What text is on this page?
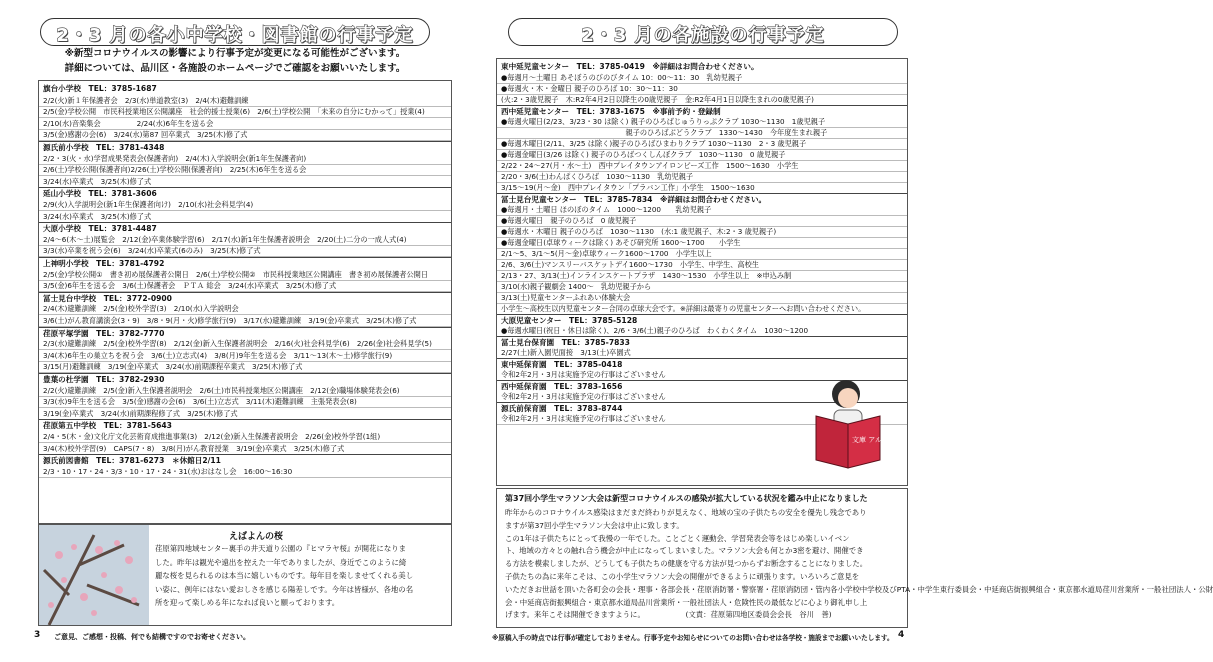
2・3 月の各小中学校・図書館の行事予定
※新型コロナウイルスの影響により行事予定が変更になる可能性がございます。
詳細については、品川区・各施設のホームページでご確認をお願いいたします。
旗台小学校　TEL：3785-1687
2/2(火)新１年保護者会　2/3(水)単道教室(3)　2/4(木)避難訓練
2/5(金)学校公開　市民科授業地区公開講座　社会的援士授業(6)　2/6(土)学校公開　「未来の自分にむかって」授業(4)
2/10(水)音楽集会　　　　　2/24(水)6年生を送る会
3/5(金)感謝の会(6)　3/24(水)第87 回卒業式　3/25(木)修了式
源氏前小学校　TEL：3781-4348
2/2・3(火・水)学習成果発表会(保護者向)　2/4(木)入学説明会(新1年生保護者向)
2/6(土)学校公開(保護者向)2/26(土)学校公開(保護者向)　2/25(木)6年生を送る会
3/24(水)卒業式　3/25(木)修了式
延山小学校　TEL：3781-3606
2/9(火)入学説明会(新1年生保護者向け)　2/10(水)社会科見学(4)
3/24(水)卒業式　3/25(木)修了式
大原小学校　TEL：3781-4487
2/4〜6(木〜土)展覧会　2/12(金)卒業体験学習(6)　2/17(水)新1年生保護者説明会　2/20(土)二分の一成人式(4)
3/3(水)卒業を祝う会(6)　3/24(水)卒業式(6のみ)　3/25(木)修了式
上神明小学校　TEL：3781-4792
2/5(金)学校公開①　書き初め展保護者公開日　2/6(土)学校公開②　市民科授業地区公開講座　書き初め展保護者公開日
3/5(金)6年生を送る会　3/6(土)保護者会　ＰＴＡ 総会　3/24(水)卒業式　3/25(木)修了式
冨士見台中学校　TEL：3772-0900
2/4(木)避難訓練　2/5(金)校外学習(3)　2/10(水)入学説明会
3/6(土)がん教育講演会(3・9)　3/8・9(月・火)修学旅行(9)　3/17(水)避難訓練　3/19(金)卒業式　3/25(木)修了式
荏原平塚学園　TEL：3782-7770
2/3(水)避難訓練　2/5(金)校外学習(8)　2/12(金)新入生保護者説明会　2/16(火)社会科見学(6)　2/26(金)社会科見学(5)
3/4(木)6年生の巣立ちを祝う会　3/6(土)立志式(4)　3/8(月)9年生を送る会　3/11〜13(木〜土)修学旅行(9)
3/15(月)避難訓練　3/19(金)卒業式　3/24(水)前期課程卒業式　3/25(木)修了式
豊葉の杜学園　TEL：3782-2930
2/2(火)避難訓練　2/5(金)新入生保護者説明会　2/6(土)市民科授業地区公開講座　2/12(金)職場体験発表会(6)
3/3(水)9年生を送る会　3/5(金)感謝の会(6)　3/6(土)立志式　3/11(木)避難訓練　主張発表会(8)
3/19(金)卒業式　3/24(水)前期課程修了式　3/25(木)修了式
荏原第五中学校　TEL：3781-5643
2/4・5(木・金)文化庁文化芸術育成推進事業(3)　2/12(金)新入生保護者説明会　2/26(金)校外学習(1組)
3/4(木)校外学習(9)　CAPS(7・8)　3/8(月)がん教育授業　3/19(金)卒業式　3/25(木)修了式
源氏前図書館　TEL：3781-6273　＊休館日2/11
2/3・10・17・24・3/3・10・17・24・31(水)おはなし会　16:00〜16:30
えばよんの桜
荏原第四地域センター裏手の井天道り公園の『ヒマラヤ桜』が開花になりま
した。昨年は観光や遠出を控えた一年でありましたが、身近でこのように綺
麗な桜を見られるのは本当に嬉しいものです。毎年目を楽しませてくれる美し
い姿に、例年にはない愛おしさを感じる陽差しです。今年は皆様が、各地の名
所を迎って楽しめる年になれば良いと願っております。
3 ご意見、ご感想・投稿、何でも結構ですのでお寄せください。
2・3 月の各施設の行事予定
東中延児童センター　TEL：3785-0419　※詳細はお問合わせください。
●毎週月〜土曜日 あそぼうのびのびタイム 10：00〜11：30　乳幼児親子
●毎週火・木・金曜日 親子のひろば 10：30〜11：30
(火:2・3歳児親子　木:R2年4月2日以降生の0歳児親子　金:R2年4月1日以降生まれの0歳児親子)
西中延児童センター　TEL：3783-1675　※事前予約・登録制
●毎週火曜日(2/23、3/23・30 は除く) 親子のひろばじゅうりっぷクラブ 1030〜1130　1歳児親子
　　　　　　　　　　　　　　　　　 親子のひろばぶどうクラブ　1330〜1430　今年度生まれ親子
●毎週木曜日(2/11、3/25 は除く)親子のひろばひまわりクラブ 1030〜1130　2・3 歳児親子
●毎週金曜日(3/26 は除く) 親子のひろばつくしんぼクラブ　1030〜1130　0 歳児親子
2/22・24〜27(月・水〜土)　西中プレイタウンアイロンビーズ工作　1500〜1630　小学生
2/20・3/6(土)わんぱくひろば　1030〜1130　乳幼児親子
3/15〜19(月〜金)　西中プレイタウン「プラバン工作」小学生　1500〜1630
冨士見台児童センター　TEL：3785-7834　※詳細はお問合わせください。
●毎週月・土曜日 ほのぼのタイム　1000〜1200　　乳幼児親子
●毎週火曜日　親子のひろば　0 歳児親子
●毎週水・木曜日 親子のひろば　1030〜1130　(水:1 歳児親子、木:2・3 歳児親子)
●毎週金曜日(卓球ウィークは除く) あそび研究所 1600〜1700　　小学生
2/1〜5、3/1〜5(月〜金)卓球ウィーク1600〜1700　小学生以上
2/6、3/6(土)マンスリーバスケットデイ1600〜1730　小学生、中学生、高校生
2/13・27、3/13(土)インラインスケートプラザ　1430〜1530　小学生以上　※申込み制
3/10(水)親子観劇会 1400〜　乳幼児親子から
3/13(土)児童センターふれあい体験大会
小学生〜高校生以内児童センター合同の卓球大会です。※詳細は最寄りの児童センターへお問い合わせください。
大原児童センター　TEL：3785-5128
●毎週水曜日(祝日・休日は除く)、2/6・3/6(土)親子のひろば　わくわくタイム　1030〜1200
冨士見台保育園　TEL：3785-7833
2/27(土)新入園児面接　3/13(土)卒園式
東中延保育園　TEL：3785-0418
令和2年2月・3月は実施予定の行事はございません
西中延保育園　TEL：3783-1656
令和2年2月・3月は実施予定の行事はございません
源氏前保育園　TEL：3783-8744
令和2年2月・3月は実施予定の行事はございません
文庫 アルバム
第37回小学生マラソン大会は新型コロナウイルスの感染が拡大している状況を鑑み中止になりました
昨年からのコロナウイルス感染はまだまだ終わりが見えなく、地域の宝の子供たちの安全を優先し残念であり
ますが第37回小学生マラソン大会は中止に致します。
この1年は子供たちにとって我慢の一年でした。ことごとく運動会、学習発表会等をはじめ楽しいイベン
ト、地域の方々との触れ合う機会が中止になってしまいました。マラソン大会も何とか3密を避け、開催でき
る方法を模索しましたが、どうしても子供たちの健康を守る方法が見つからずお断念することになりました。
子供たちの為に来年こそは、この小学生マラソン大会の開催ができるように頑張ります。いろいろご意見を
いただきお世話を頂いた各町会の会長・理事・各部会長・荏原消防署・警察署・荏原消防団・管内各小学校中学校及びPTA・中学生東行委員会・中延商店街振興組合・東京都水道局荏川営業所・一般社団法人・公財
会・中延商店街振興組合・東京都水道局品川営業所・一般社団法人・危険性民の最低などに心より御礼申し上
げます。来年こそは開催できますように。　　　　　　(文責：荏原第四地区委員会会長　谷川　善)
※原稿入手の時点では行事が確定しておりません。行事予定やお知らせについてのお問い合わせは各学校・施設までお願いいたします。 4
